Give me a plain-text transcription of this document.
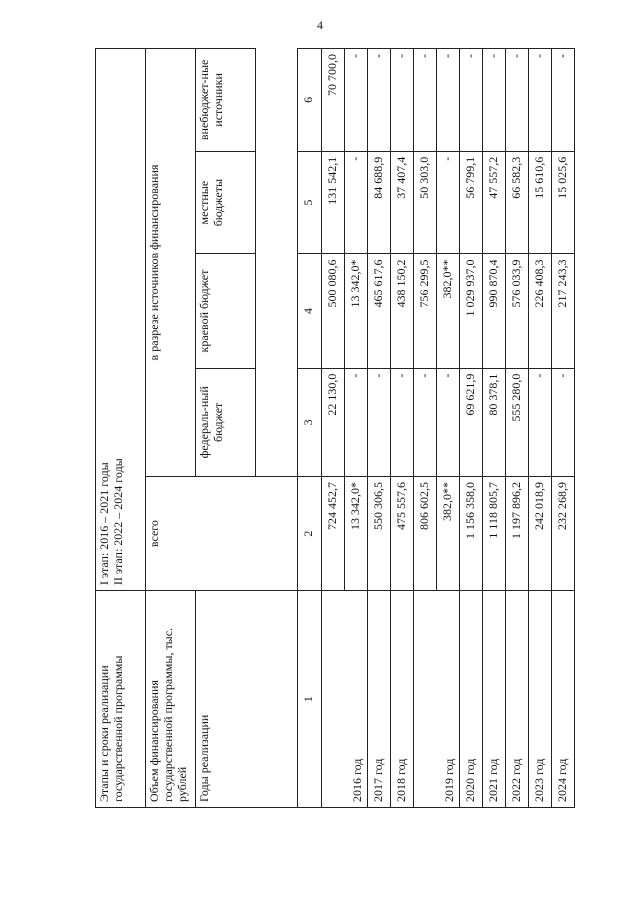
4
Этапы и сроки реализации государственной программы	I этап: 2016 – 2021 годы II этап: 2022 – 2024 годы				

Объем финансирования государственной программы, тыс. рублей	всего	в разрезе источников финансирования			
Годы реализации		федераль-ный бюджет	краевой бюджет	местные бюджеты	внебюджет-ные источники

1	2	3	4	5	6
2016 год	724 452,7	22 130,0	500 080,6	131 542,1	70 700,0
	13 342,0*	-	13 342,0*	-	-
2017 год	550 306,5	-	465 617,6	84 688,9	-
2018 год	475 557,6	-	438 150,2	37 407,4	-
2019 год	806 602,5	-	756 299,5	50 303,0	-
	382,0**	-	382,0**	-	-
2020 год	1 156 358,0	69 621,9	1 029 937,0	56 799,1	-
2021 год	1 118 805,7	80 378,1	990 870,4	47 557,2	-
2022 год	1 197 896,2	555 280,0	576 033,9	66 582,3	-
2023 год	242 018,9	-	226 408,3	15 610,6	-
2024 год	232 268,9	-	217 243,3	15 025,6	-
